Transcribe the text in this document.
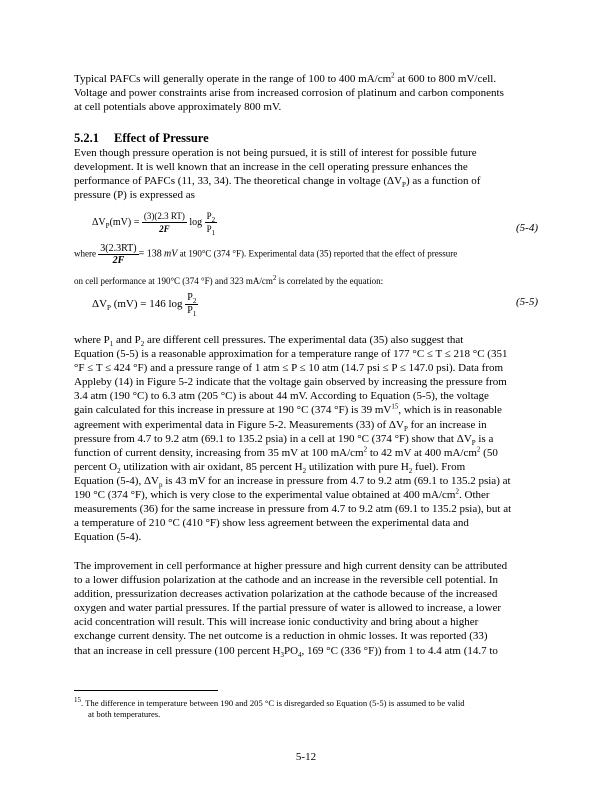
Typical PAFCs will generally operate in the range of 100 to 400 $mA/cm^2$ at 600 to 800 mV/cell.
Voltage and power constraints arise from increased corrosion of platinum and carbon components
at cell potentials above approximately 800 mV.

5.2.1 Effect of Pressure

Even though pressure operation is not being pursued, it is still of interest for possible future
development. It is well known that an increase in the cell operating pressure enhances the
performance of PAFCs (11, 33, 34). The theoretical change in voltage $(\Delta V_P)$ as a function of
pressure (P) is expressed as

$\Delta V_P(mV) = \frac{(3)(2.3 RT)}{2F}$ $\log \frac{P_2}{P_1}$	(5-4)
where $\frac{3(2.3RT)}{2F} = 138$ mV at 190°C (374 °F). Experimental data (35) reported that the effect of pressure
on cell performance at 190°C (374 °F) and 323 $mA/cm^2$ is correlated by the equation:
$\Delta V_P$ (mV) = 146 $\log \frac{P_2}{P_1}$	(5-5)

where $P_1$ and $P_2$ are different cell pressures. The experimental data (35) also suggest that
Equation (5-5) is a reasonable approximation for a temperature range of 177 °C ≤ T ≤ 218 °C (351
°F ≤ T ≤ 424 °F) and a pressure range of 1 atm ≤ P ≤ 10 atm (14.7 psi ≤ P ≤ 147.0 psi). Data from
Appleby (14) in Figure 5-2 indicate that the voltage gain observed by increasing the pressure from
3.4 atm (190 °C) to 6.3 atm (205 °C) is about 44 mV. According to Equation (5-5), the voltage
gain calculated for this increase in pressure at 190 °C (374 °F) is 39 $mV^{15}$, which is in reasonable
agreement with experimental data in Figure 5-2. Measurements (33) of $\Delta V_P$ for an increase in
pressure from 4.7 to 9.2 atm (69.1 to 135.2 psia) in a cell at 190 °C (374 °F) show that $\Delta V_P$ is a
function of current density, increasing from 35 mV at 100 $mA/cm^2$ to 42 mV at 400 $mA/cm^2$ (50
percent $O_2$ utilization with air oxidant, 85 percent $H_2$ utilization with pure $H_2$ fuel). From
Equation (5-4), $\Delta V_p$ is 43 mV for an increase in pressure from 4.7 to 9.2 atm (69.1 to 135.2 psia) at
190 °C (374 °F), which is very close to the experimental value obtained at 400 $mA/cm^2$. Other
measurements (36) for the same increase in pressure from 4.7 to 9.2 atm (69.1 to 135.2 psia), but at
a temperature of 210 °C (410 °F) show less agreement between the experimental data and
Equation (5-4).

The improvement in cell performance at higher pressure and high current density can be attributed
to a lower diffusion polarization at the cathode and an increase in the reversible cell potential. In
addition, pressurization decreases activation polarization at the cathode because of the increased
oxygen and water partial pressures. If the partial pressure of water is allowed to increase, a lower
acid concentration will result. This will increase ionic conductivity and bring about a higher
exchange current density. The net outcome is a reduction in ohmic losses. It was reported (33)
that an increase in cell pressure (100 percent $H_3PO_4$, 169 °C (336 °F)) from 1 to 4.4 atm (14.7 to

$^{15}$. The difference in temperature between 190 and 205 °C is disregarded so Equation (5-5) is assumed to be valid
at both temperatures.
5-12
